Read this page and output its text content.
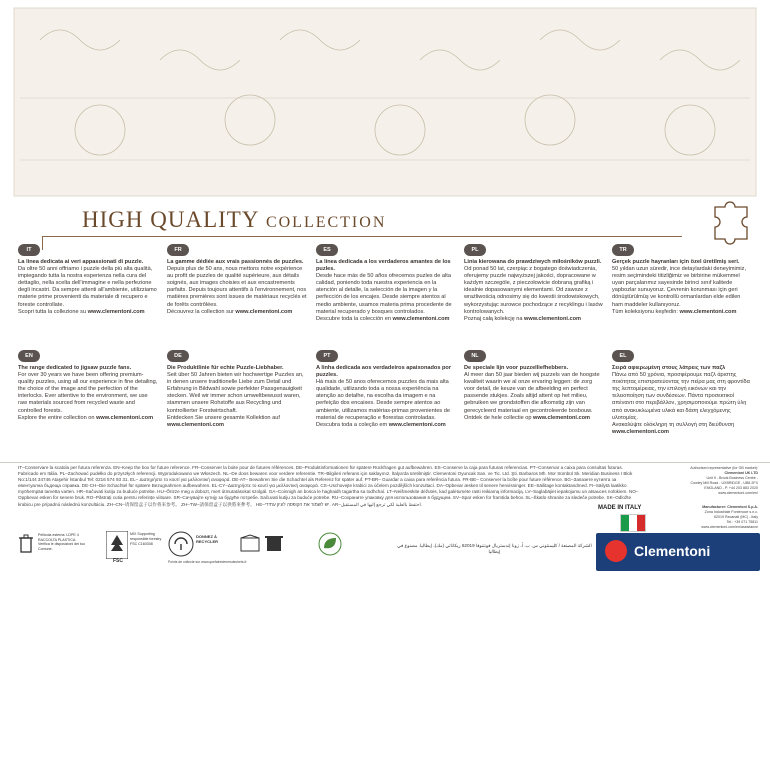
HIGH QUALITY COLLECTION
IT
La linea dedicata ai veri appassionati di puzzle.
Da oltre 50 anni offriamo i puzzle della più alta qualità, impiegando tutta la nostra esperienza nella cura del dettaglio, nella scelta dell'immagine e nella perfezione degli incastri. Da sempre attenti all'ambiente, utilizziamo materie prime provenienti da materiale di recupero e foreste controllate.
Scopri tutta la collezione su www.clementoni.com
FR
La gamme dédiée aux vrais passionnés de puzzles.
Depuis plus de 50 ans, nous mettons notre expérience au profit de puzzles de qualité supérieure, aux détails soignés, aux images choisies et aux encastrements parfaits. Depuis toujours attentifs à l'environnement, nos matières premières sont issues de matériaux recyclés et de forêts contrôlées.
Découvrez la collection sur www.clementoni.com
ES
La línea dedicada a los verdaderos amantes de los puzles.
Desde hace más de 50 años ofrecemos puzles de alta calidad, poniendo toda nuestra experiencia en la atención al detalle, la selección de la imagen y la perfección de los encajes. Desde siempre atentos al medio ambiente, usamos materia prima procedente de material recuperado y bosques controlados.
Descubre toda la colección en www.clementoni.com
PL
Linia kierowana do prawdziwych miłośników puzzli.
Od ponad 50 lat, czerpiąc z bogatego doświadczenia, oferujemy puzzle najwyższej jakości, dopracowane w każdym szczególe, z pieczołowicie dobraną grafiką i idealnie dopasowanymi elementami. Od zawsze z wrażliwością odnosimy się do kwestii środowiskowych, wykorzystując surowce pochodzące z recyklingu i lasów kontrolowanych.
Poznaj całą kolekcję na www.clementoni.com
TR
Gerçek puzzle hayranları için özel üretilmiş seri.
50 yıldan uzun süredir, ince detaylardaki deneyimimiz, resim seçimindeki titizliğimiz ve birbirine mükemmel uyan parçalarımız sayesinde birinci sınıf kalitede yapbozlar sunuyoruz. Çevrenin korunması için geri dönüştürülmüş ve kontrollü ormanlardan elde edilen ham maddeler kullanıyoruz.
Tüm koleksiyonu keşfedin: www.clementoni.com
EN
The range dedicated to jigsaw puzzle fans.
For over 30 years we have been offering premium-quality puzzles, using all our experience in fine detailing, the choice of the image and the perfection of the interlocks. Ever attentive to the environment, we use raw materials sourced from recycled waste and controlled forests.
Explore the entire collection on www.clementoni.com
DE
Die Produktlinie für echte Puzzle-Liebhaber.
Seit über 50 Jahren bieten wir hochwertige Puzzles an, in denen unsere traditionelle Liebe zum Detail und Erfahrung in Bildwahl sowie perfekter Passgenauigkeit stecken. Weil wir immer schon umweltbewusst waren, stammen unsere Rohstoffe aus Recycling und kontrollierter Forstwirtschaft.
Entdecken Sie unsere gesamte Kollektion auf www.clementoni.com
PT
A linha dedicada aos verdadeiros apaixonados por puzzles.
Há mais de 50 anos oferecemos puzzles da mais alta qualidade, utilizando toda a nossa experiência na atenção ao detalhe, na escolha da imagem e na perfeição dos encaixes. Desde sempre atentos ao ambiente, utilizamos matérias-primas provenientes de material de recuperação e florestas controladas.
Descubra toda a coleção em www.clementoni.com
NL
De speciale lijn voor puzzelliefhebbers.
Al meer dan 50 jaar bieden wij puzzels van de hoogste kwaliteit waarin we al onze ervaring leggen: de zorg voor detail, de keuze van de afbeelding en perfect passende stukjes. Zoals altijd attent op het milieu, gebruiken we grondstoffen die afkomstig zijn van gerecycleerd materiaal en gecontroleerde bosbouw.
Ontdek de hele collectie op www.clementoni.com
EL
Σειρά αφιερωμένη στους λάτρεις των παζλ
Πάνω από 50 χρόνια, προσφέρουμε παζλ άριστης ποιότητας επιστρατεύοντας την πείρα μας στη φροντίδα της λεπτομέρειας, την επιλογή εικόνων και την τελειοποίηση των συνδέσεων. Πάντα προσεκτικοί απέναντι στο περιβάλλον, χρησιμοποιούμε πρώτη ύλη από ανακυκλωμένα υλικά και δάση ελεγχόμενης υλοτομίας.
Ανακαλύψτε ολόκληρη τη συλλογή στη διεύθυνση www.clementoni.com
IT–Conservare la scatola per futura referenza. EN–Keep the box for future reference. FR–Conserver la boite pour de futures références. DE–Produktinformationen für spätere Rückfragen gut aufbewahren. ES–Conserve la caja para futuras referencias. PT–Conservar a caixa para consultas futuras. Fabricado em Itália. PL–Zachować pudełko do przyszłych referencji. Wyprodukowano we Włoszech. NL–De doos bewaren voor verdere referentie. TR–Bilgileri referans için saklayınız. İtalya'da üretilmiştir. Clementoni Oyuncak San. ve Tic. Ltd. Şti. Barbaros Mh. Mor Sümbül Sk. Meridian Business I Blok No:1/144 34746 Ataşehir İstanbul Tel: 0216 574 93 31. EL– Διατηρήστε το κουτί για μελλοντική αναφορά. DE-AT– Bewahren Sie die Schachtel als Referenz für später auf. PT-BR– Guardar a caixa para referência futura. FR-BE– Conserver la boîte pour future référence. BG–Запазете кутията за евентуална бъдеща справка. DE-CH–Die Schachtel für spätere Bezugnahmen aufbewahren. EL-CY–Διατηρήστε το κουτί για μελλοντική αναφορά. CS–Uschovejte krabici za účelem pozdějších konzultací. DA–Opbevar æsken til senere henvisninger. EE–Säilitage kontaktandmed. FI–Säilytä laatikko myöhempää tarvetta varten. HR–Sačuvati kutiju za buduće potrebe. HU–Őrizze meg a dobozt, mert útmutatásokat szolgál. GA–Coinnigh an bosca le haghaidh tagartha sa todhchaí. LT–Neišmeskite dėžutės, kad galėtumėte rasti reikiamą informaciją. LV–Saglabājiet iepakojumu un atsauces nolūkiem. NO–Oppbevar esken for senere bruk. RO–Păstrați cutia pentru referințe viitoare. SR–Сачувајте кутију за будуће потребе. Sačuvati kutiju za buduće potrebe. RU–Сохраните упаковку для использования в будущем. SV–Spar esken for framtida behov. SL–Škatlo shranite za sledeče potrebe. SK–Odložte krabicu pre prípadnú následnú konzultáciu. ZH–CN–请保留盒子以作将来参考。 ZH–TW–請保留盒子以供將來參考。 HE–יש לשמור את הקופסה לעיון עתידי. AR–احتفظ بالعلبة لكي ترجع إليها في المستقبل.
Authorised representative (for GB market):
Clementoni UK LTD
Unit 9 - Brook Business Centre -
Cowley Mill Road - UXBRIDGE - UB8 2FX
ENGLAND - P. +44 203 883 2020
www.clementoni.com/en/
MADE IN ITALY	Manufacturer: Clementoni S.p.A.
Zona Industriale Fontenoce s.n.c.
62019 Recanati (MC) - Italy
Tel.: +39 071 75811
www.clementoni.com/en/assistance
Clementoni
الشركة المصنعة / كليمنتوني س. ب. أ، زونا إندستريال فونتنوفا 62019 ريكاناتي (مك)، إيطاليا. مصنوع في إيطاليا
Pellicola esterna: LDPE 4 RACCOLTA PLASTICA. Verifica le disposizioni del tuo Comune.
MIX Supporting responsible forestry FSC C160308
FSC
DONNEZ À RECYCLER
Points de collecte sur www.quefairedemesdechets.fr
